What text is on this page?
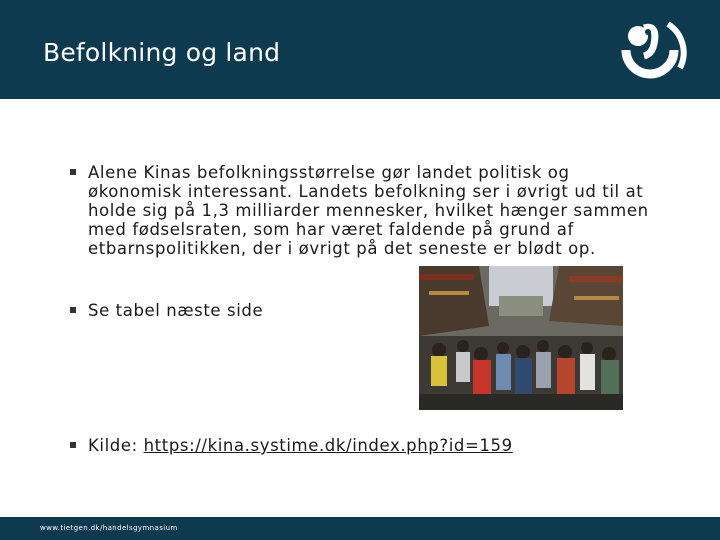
Befolkning og land
Alene Kinas befolkningsstørrelse gør landet politisk og økonomisk interessant. Landets befolkning ser i øvrigt ud til at holde sig på 1,3 milliarder mennesker, hvilket hænger sammen med fødselsraten, som har været faldende på grund af etbarnspolitikken, der i øvrigt på det seneste er blødt op.
Se tabel næste side
Kilde: https://kina.systime.dk/index.php?id=159
www.tietgen.dk/handelsgymnasium
